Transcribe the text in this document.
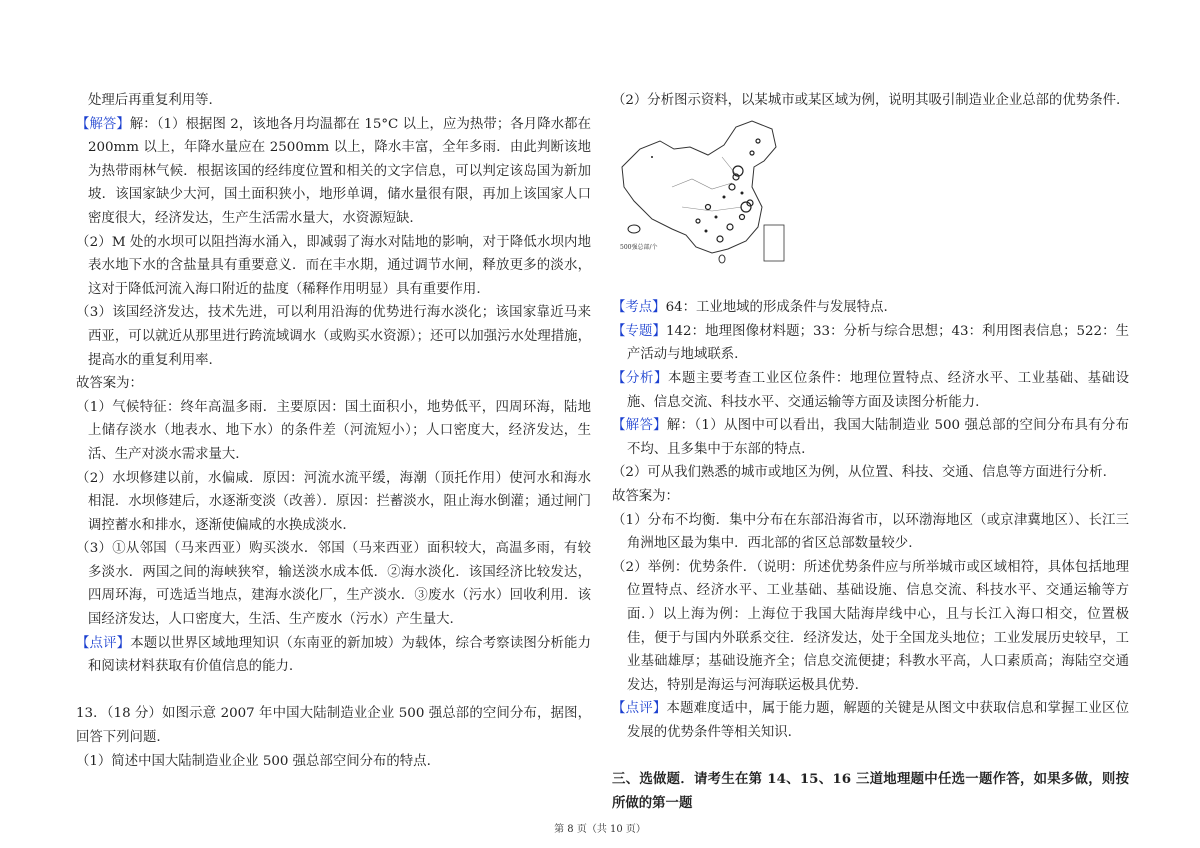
处理后再重复利用等.

【解答】解：（1）根据图 2，该地各月均温都在 15°C 以上，应为热带；各月降水都在 200mm 以上，年降水量应在 2500mm 以上，降水丰富，全年多雨．由此判断该地为热带雨林气候．根据该国的经纬度位置和相关的文字信息，可以判定该岛国为新加坡．该国家缺少大河，国土面积狭小，地形单调，储水量很有限，再加上该国家人口密度很大，经济发达，生产生活需水量大，水资源短缺.

（2）M 处的水坝可以阻挡海水涌入，即减弱了海水对陆地的影响，对于降低水坝内地表水地下水的含盐量具有重要意义．而在丰水期，通过调节水闸，释放更多的淡水，这对于降低河流入海口附近的盐度（稀释作用明显）具有重要作用.

（3）该国经济发达，技术先进，可以利用沿海的优势进行海水淡化；该国家靠近马来西亚，可以就近从那里进行跨流域调水（或购买水资源）；还可以加强污水处理措施，提高水的重复利用率.

故答案为：

（1）气候特征：终年高温多雨．主要原因：国土面积小，地势低平，四周环海，陆地上储存淡水（地表水、地下水）的条件差（河流短小）；人口密度大，经济发达，生活、生产对淡水需求量大.

（2）水坝修建以前，水偏咸．原因：河流水流平缓，海潮（顶托作用）使河水和海水相混．水坝修建后，水逐渐变淡（改善）．原因：拦蓄淡水，阻止海水倒灌；通过闸门调控蓄水和排水，逐渐使偏咸的水换成淡水.

（3）①从邻国（马来西亚）购买淡水．邻国（马来西亚）面积较大，高温多雨，有较多淡水．两国之间的海峡狭窄，输送淡水成本低．②海水淡化．该国经济比较发达，四周环海，可选适当地点，建海水淡化厂，生产淡水．③废水（污水）回收利用．该国经济发达，人口密度大，生活、生产废水（污水）产生量大.

【点评】本题以世界区域地理知识（东南亚的新加坡）为载体，综合考察读图分析能力和阅读材料获取有价值信息的能力.

13．（18 分）如图示意 2007 年中国大陆制造业企业 500 强总部的空间分布，据图，回答下列问题.

（1）简述中国大陆制造业企业 500 强总部空间分布的特点.

（2）分析图示资料，以某城市或某区域为例，说明其吸引制造业企业总部的优势条件.

500强总部/个

【考点】64：工业地域的形成条件与发展特点.

【专题】142：地理图像材料题；33：分析与综合思想；43：利用图表信息；522：生产活动与地域联系.

【分析】本题主要考查工业区位条件：地理位置特点、经济水平、工业基础、基础设施、信息交流、科技水平、交通运输等方面及读图分析能力.

【解答】解：（1）从图中可以看出，我国大陆制造业 500 强总部的空间分布具有分布不均、且多集中于东部的特点.

（2）可从我们熟悉的城市或地区为例，从位置、科技、交通、信息等方面进行分析.

故答案为：

（1）分布不均衡．集中分布在东部沿海省市，以环渤海地区（或京津冀地区）、长江三角洲地区最为集中．西北部的省区总部数量较少.

（2）举例：优势条件．（说明：所述优势条件应与所举城市或区域相符，具体包括地理位置特点、经济水平、工业基础、基础设施、信息交流、科技水平、交通运输等方面．）以上海为例：上海位于我国大陆海岸线中心，且与长江入海口相交，位置极佳，便于与国内外联系交往．经济发达，处于全国龙头地位；工业发展历史较早，工业基础雄厚；基础设施齐全；信息交流便捷；科教水平高，人口素质高；海陆空交通发达，特别是海运与河海联运极具优势.

【点评】本题难度适中，属于能力题，解题的关键是从图文中获取信息和掌握工业区位发展的优势条件等相关知识.

三、选做题．请考生在第 14、15、16 三道地理题中任选一题作答，如果多做，则按所做的第一题

第 8 页（共 10 页）
